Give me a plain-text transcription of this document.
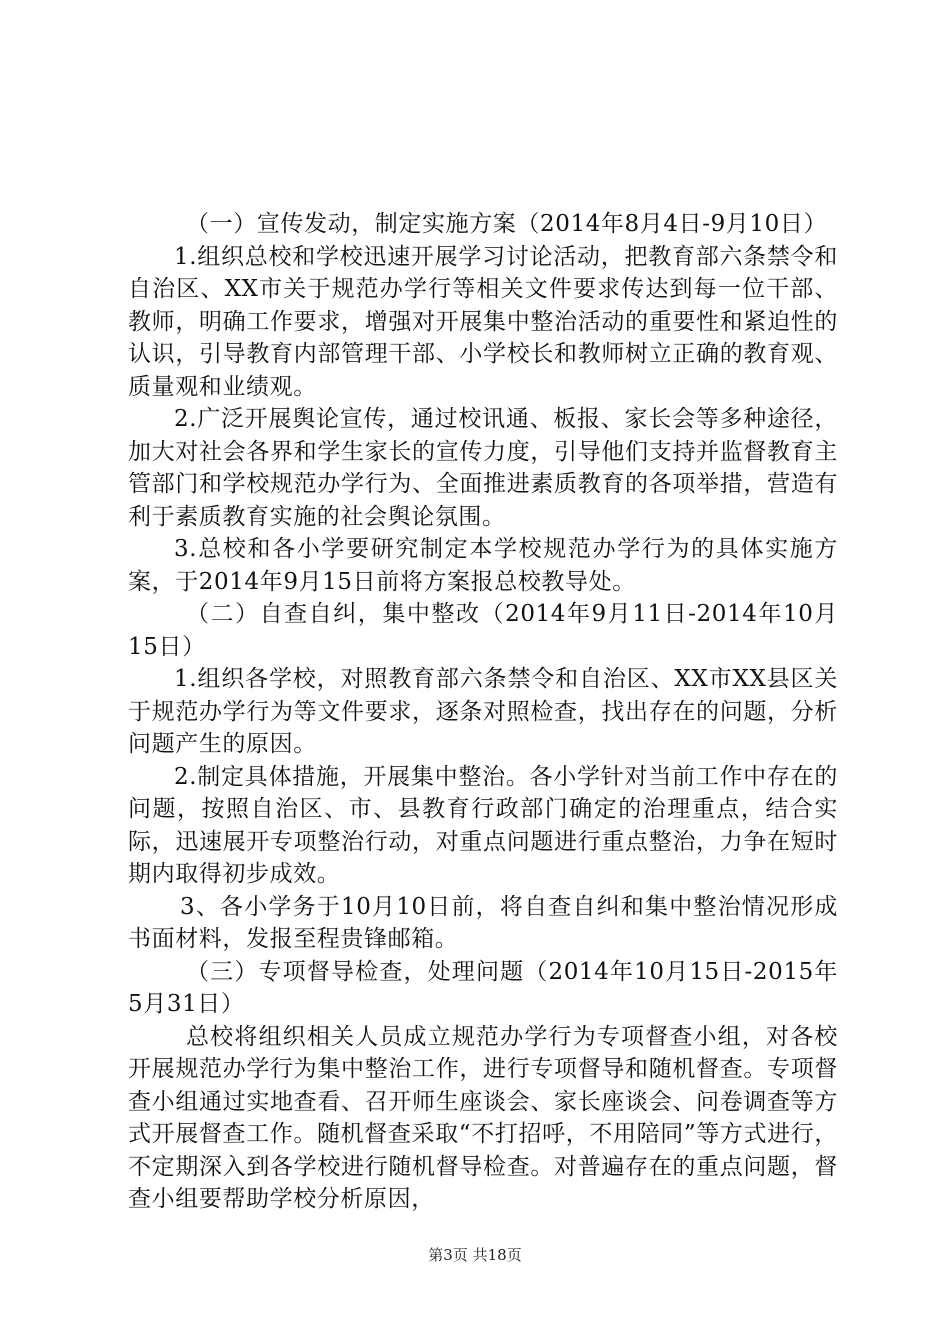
（一）宣传发动，制定实施方案（2014年8月4日-9月10日）

1.组织总校和学校迅速开展学习讨论活动，把教育部六条禁令和自治区、XX市关于规范办学行等相关文件要求传达到每一位干部、教师，明确工作要求，增强对开展集中整治活动的重要性和紧迫性的认识，引导教育内部管理干部、小学校长和教师树立正确的教育观、质量观和业绩观。

2.广泛开展舆论宣传，通过校讯通、板报、家长会等多种途径，加大对社会各界和学生家长的宣传力度，引导他们支持并监督教育主管部门和学校规范办学行为、全面推进素质教育的各项举措，营造有利于素质教育实施的社会舆论氛围。

3.总校和各小学要研究制定本学校规范办学行为的具体实施方案，于2014年9月15日前将方案报总校教导处。

（二）自查自纠，集中整改（2014年9月11日-2014年10月15日）

1.组织各学校，对照教育部六条禁令和自治区、XX市XX县区关于规范办学行为等文件要求，逐条对照检查，找出存在的问题，分析问题产生的原因。

2.制定具体措施，开展集中整治。各小学针对当前工作中存在的问题，按照自治区、市、县教育行政部门确定的治理重点，结合实际，迅速展开专项整治行动，对重点问题进行重点整治，力争在短时期内取得初步成效。

3、各小学务于10月10日前，将自查自纠和集中整治情况形成书面材料，发报至程贵锋邮箱。

（三）专项督导检查，处理问题（2014年10月15日-2015年5月31日）

总校将组织相关人员成立规范办学行为专项督查小组，对各校开展规范办学行为集中整治工作，进行专项督导和随机督查。专项督查小组通过实地查看、召开师生座谈会、家长座谈会、问卷调查等方式开展督查工作。随机督查采取“不打招呼，不用陪同”等方式进行，不定期深入到各学校进行随机督导检查。对普遍存在的重点问题，督查小组要帮助学校分析原因，

第3页 共18页
